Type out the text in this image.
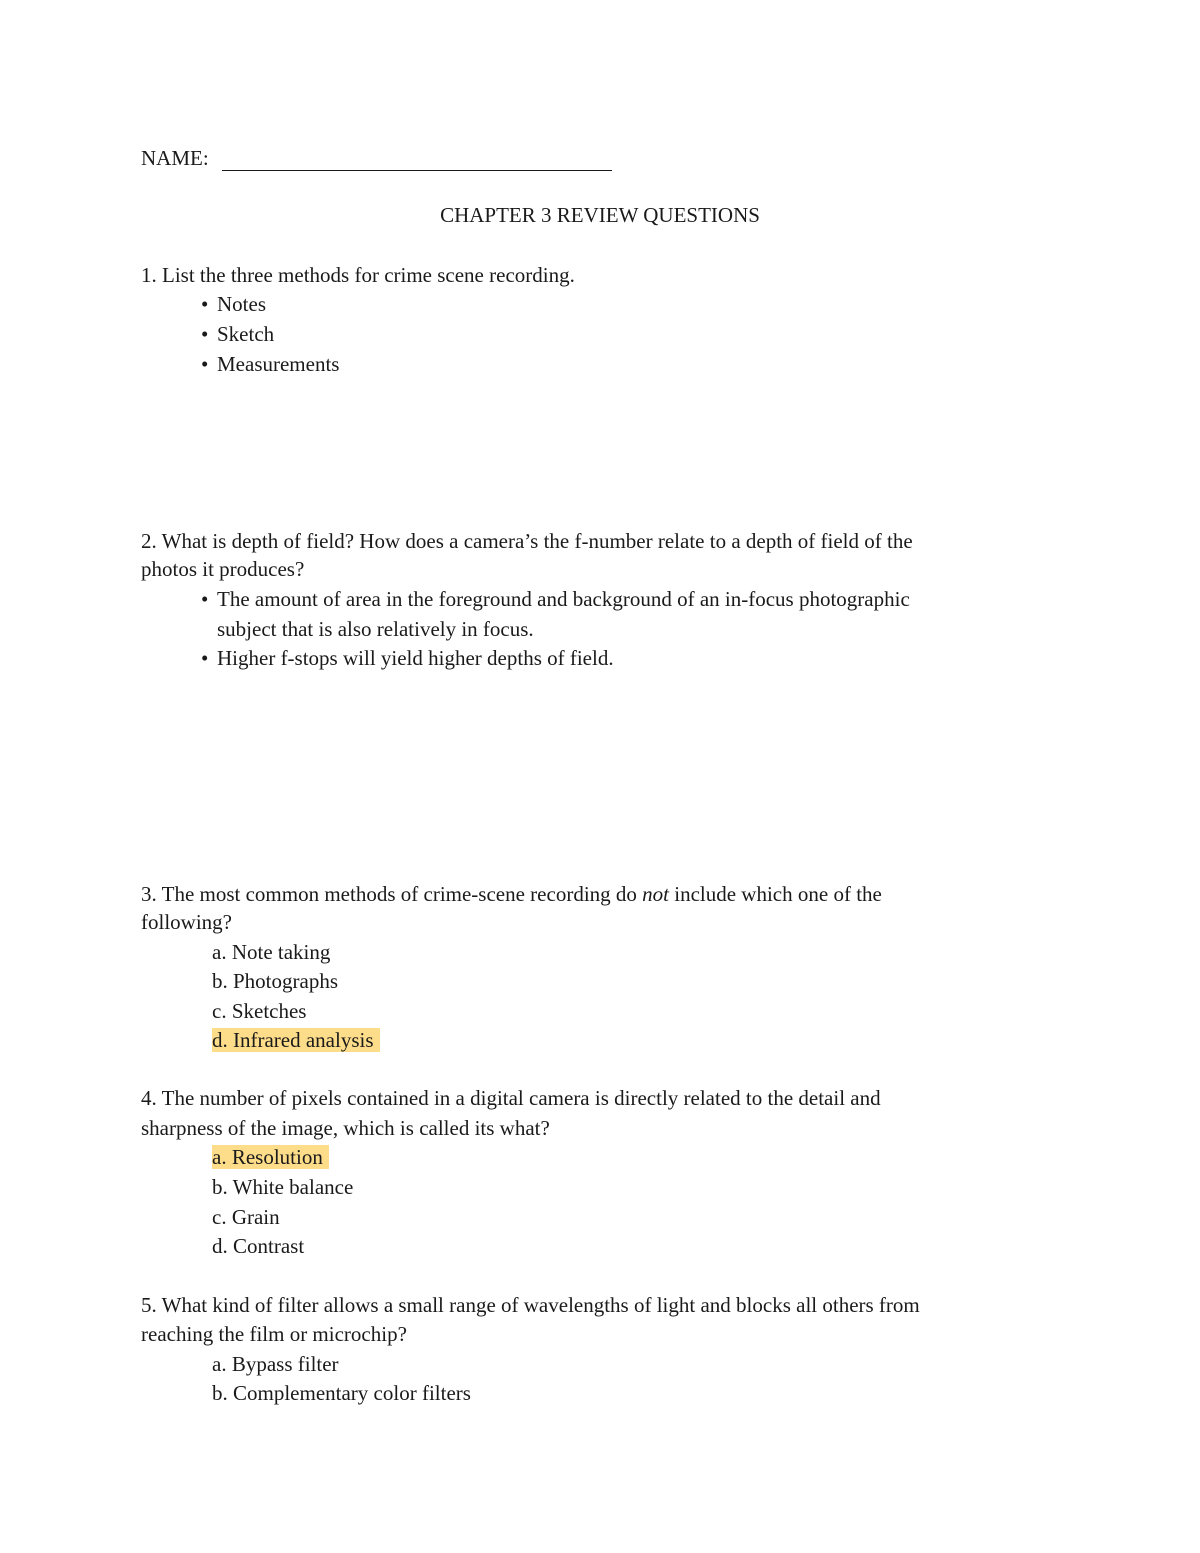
NAME:
CHAPTER 3 REVIEW QUESTIONS
1. List the three methods for crime scene recording.
• Notes
• Sketch
• Measurements
2. What is depth of field? How does a camera’s the f-number relate to a depth of field of the
photos it produces?
• The amount of area in the foreground and background of an in-focus photographic
subject that is also relatively in focus.
• Higher f-stops will yield higher depths of field.
3. The most common methods of crime-scene recording do not include which one of the
following?
a. Note taking
b. Photographs
c. Sketches
d. Infrared analysis
4. The number of pixels contained in a digital camera is directly related to the detail and
sharpness of the image, which is called its what?
a. Resolution
b. White balance
c. Grain
d. Contrast
5. What kind of filter allows a small range of wavelengths of light and blocks all others from
reaching the film or microchip?
a. Bypass filter
b. Complementary color filters
